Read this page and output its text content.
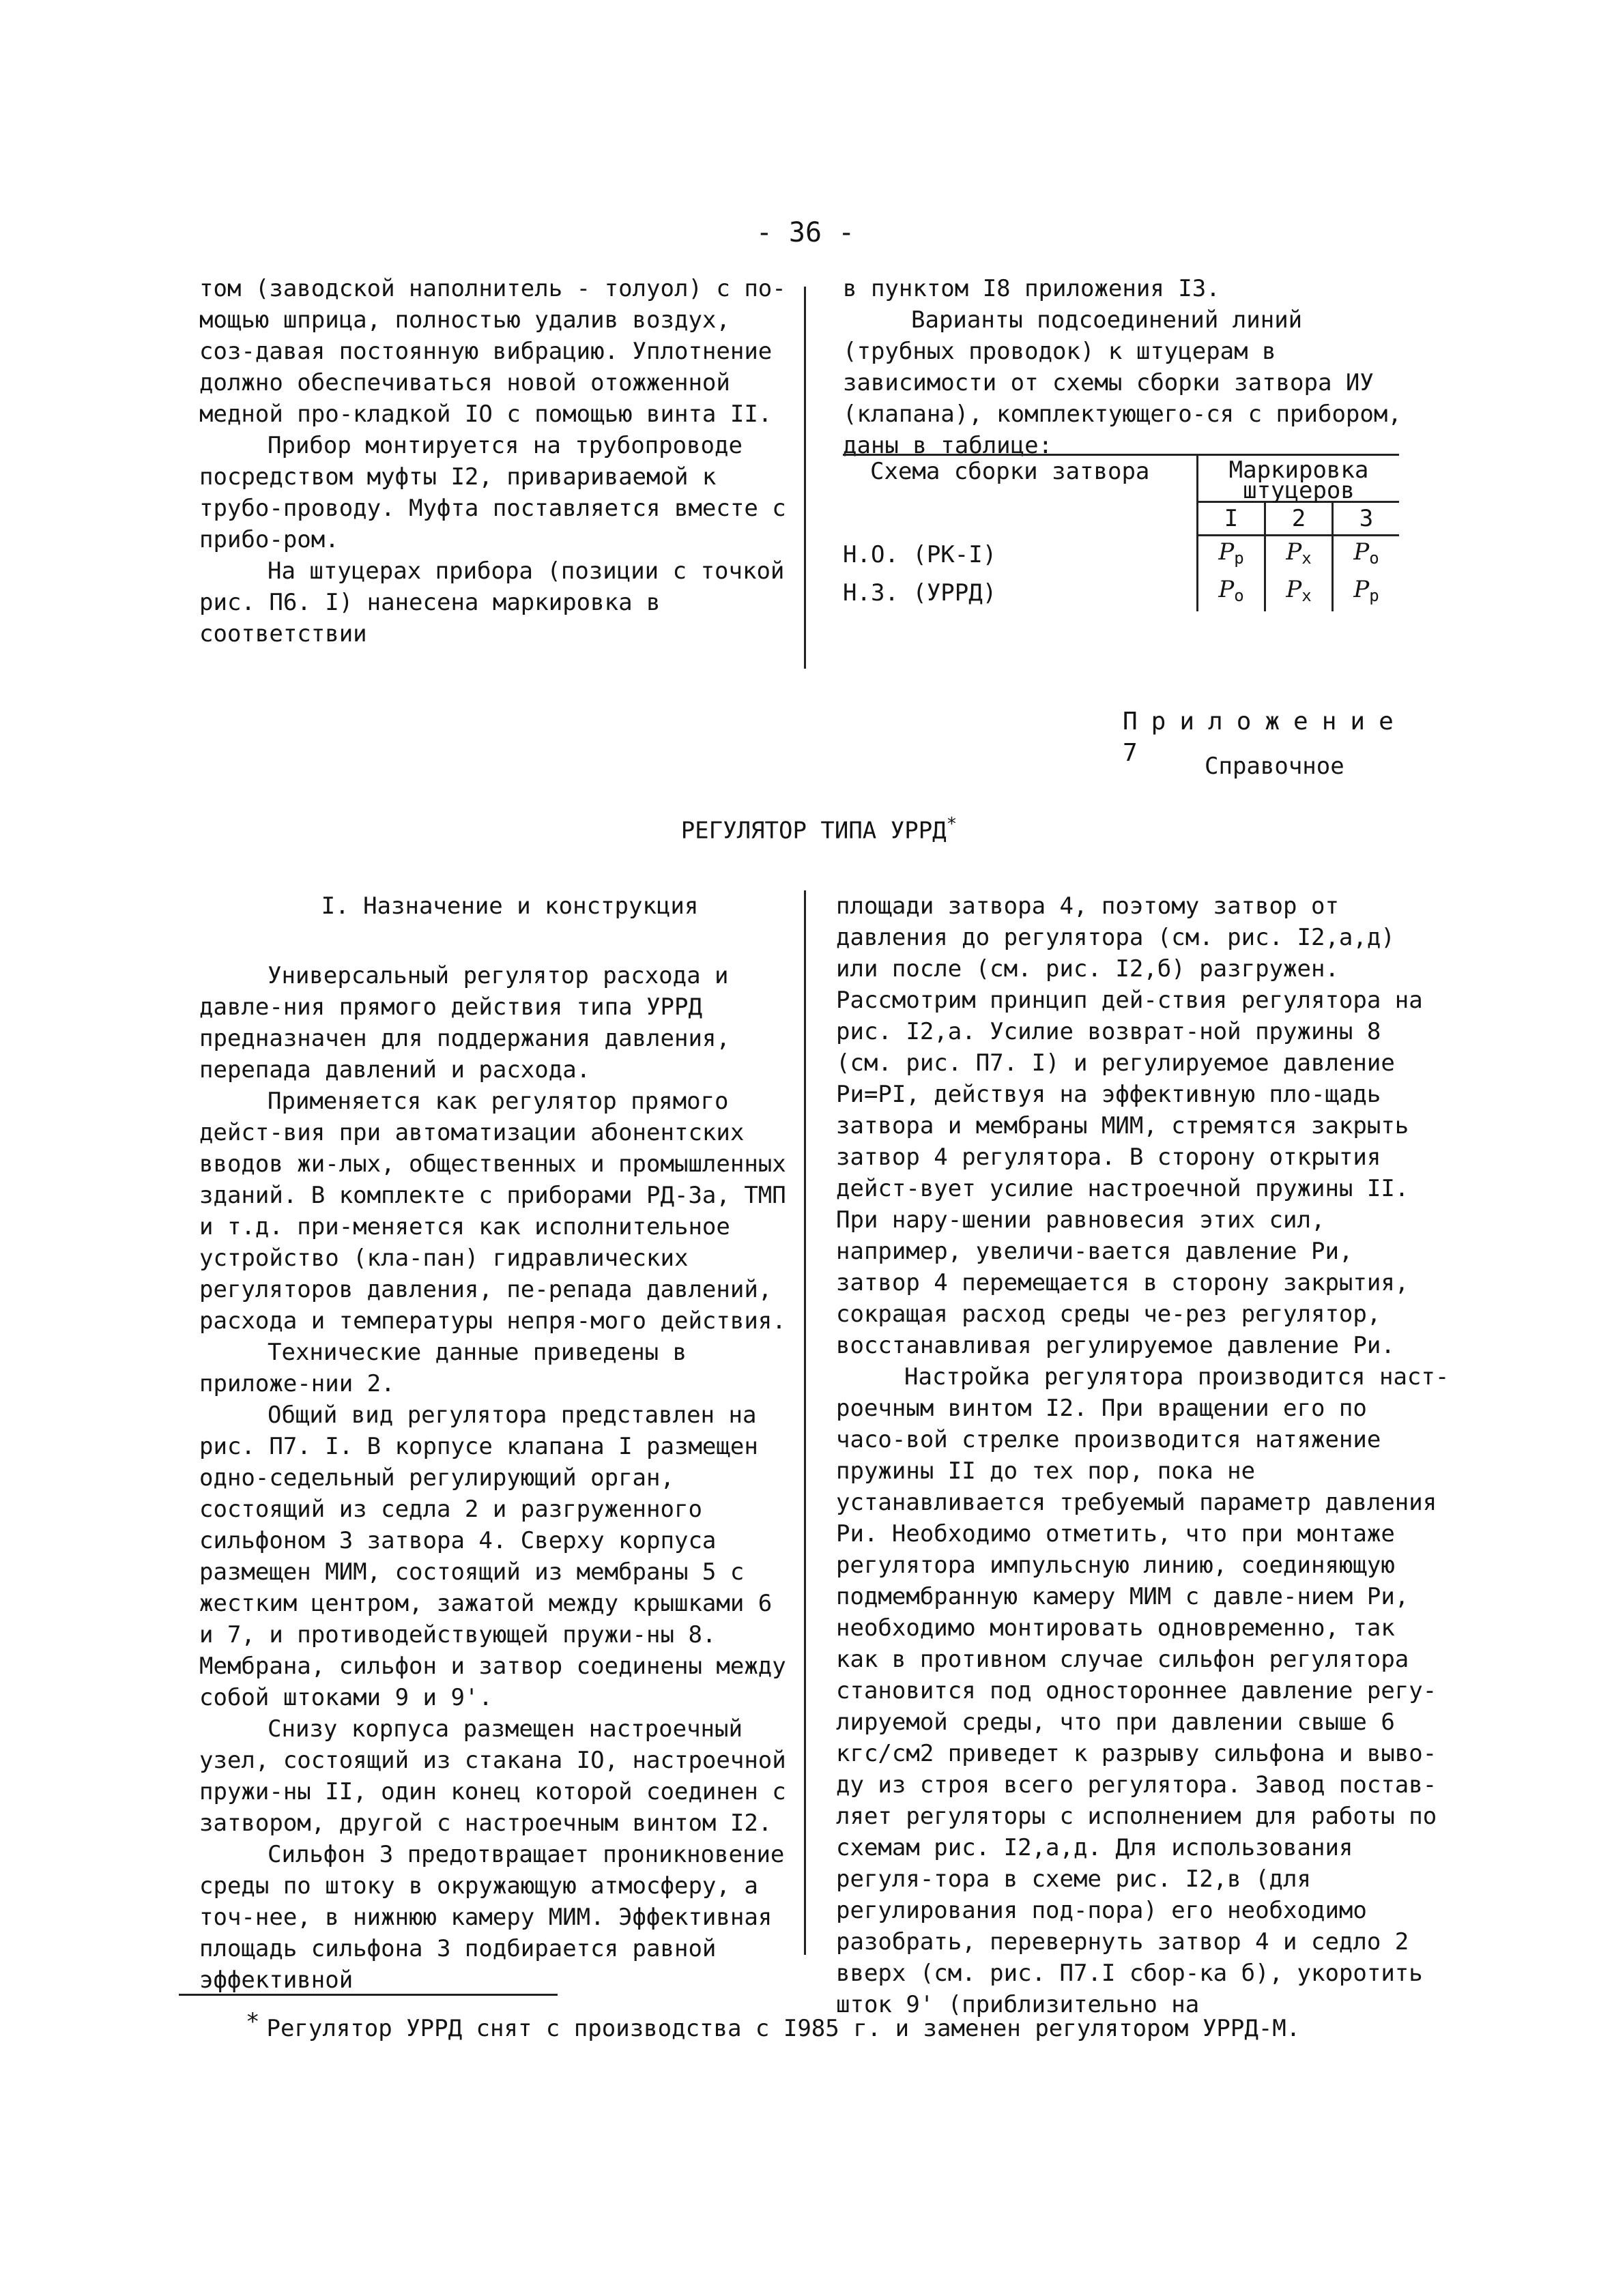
- 36 -

том (заводской наполнитель - толуол) с по-мощью шприца, полностью удалив воздух, соз-давая постоянную вибрацию. Уплотнение должно обеспечиваться новой отожженной медной про-кладкой IO с помощью винта II.

Прибор монтируется на трубопроводе посредством муфты I2, привариваемой к трубо-проводу. Муфта поставляется вместе с прибо-ром.

На штуцерах прибора (позиции с точкой рис. П6. I) нанесена маркировка в соответствии

в пунктом I8 приложения I3.

Варианты подсоединений линий (трубных проводок) к штуцерам в зависимости от схемы сборки затвора ИУ (клапана), комплектующего-ся с прибором, даны в таблице:

Схема сборки затвора	Маркировка
штуцеров		
	I	2	3
Н.О. (РК-I)	$P_р$	$P_х$	$P_о$
Н.З. (УРРД)	$P_о$	$P_х$	$P_р$
Приложение 7	Справочное
РЕГУЛЯТОР ТИПА УРРД*

I. Назначение и конструкция

Универсальный регулятор расхода и давле-ния прямого действия типа УРРД предназначен для поддержания давления, перепада давлений и расхода.

Применяется как регулятор прямого дейст-вия при автоматизации абонентских вводов жи-лых, общественных и промышленных зданий. В комплекте с приборами РД-3а, ТМП и т.д. при-меняется как исполнительное устройство (кла-пан) гидравлических регуляторов давления, пе-репада давлений, расхода и температуры непря-мого действия.

Технические данные приведены в приложе-нии 2.

Общий вид регулятора представлен на рис. П7. I. В корпусе клапана I размещен одно-седельный регулирующий орган, состоящий из седла 2 и разгруженного сильфоном 3 затвора 4. Сверху корпуса размещен МИМ, состоящий из мембраны 5 с жестким центром, зажатой между крышками 6 и 7, и противодействующей пружи-ны 8. Мембрана, сильфон и затвор соединены между собой штоками 9 и 9'.

Снизу корпуса размещен настроечный узел, состоящий из стакана IO, настроечной пружи-ны II, один конец которой соединен с затвором, другой с настроечным винтом I2.

Сильфон 3 предотвращает проникновение среды по штоку в окружающую атмосферу, а точ-нее, в нижнюю камеру МИМ. Эффективная площадь сильфона 3 подбирается равной эффективной

площади затвора 4, поэтому затвор от давления до регулятора (см. рис. I2,а,д) или после (см. рис. I2,б) разгружен. Рассмотрим принцип дей-ствия регулятора на рис. I2,а. Усилие возврат-ной пружины 8 (см. рис. П7. I) и регулируемое давление Pи=PI, действуя на эффективную пло-щадь затвора и мембраны МИМ, стремятся закрыть затвор 4 регулятора. В сторону открытия дейст-вует усилие настроечной пружины II. При нару-шении равновесия этих сил, например, увеличи-вается давление Pи, затвор 4 перемещается в сторону закрытия, сокращая расход среды че-рез регулятор, восстанавливая регулируемое давление Pи.

Настройка регулятора производится наст-роечным винтом I2. При вращении его по часо-вой стрелке производится натяжение пружины II до тех пор, пока не устанавливается требуемый параметр давления Pи. Необходимо отметить, что при монтаже регулятора импульсную линию, соединяющую подмембранную камеру МИМ с давле-нием Pи, необходимо монтировать одновременно, так как в противном случае сильфон регулятора становится под одностороннее давление регу-лируемой среды, что при давлении свыше 6 кгс/см2 приведет к разрыву сильфона и выво-ду из строя всего регулятора. Завод постав-ляет регуляторы с исполнением для работы по схемам рис. I2,а,д. Для использования регуля-тора в схеме рис. I2,в (для регулирования под-пора) его необходимо разобрать, перевернуть затвор 4 и седло 2 вверх (см. рис. П7.I сбор-ка б), укоротить шток 9' (приблизительно на

* Регулятор УРРД снят с производства с I985 г. и заменен регулятором УРРД-М.
